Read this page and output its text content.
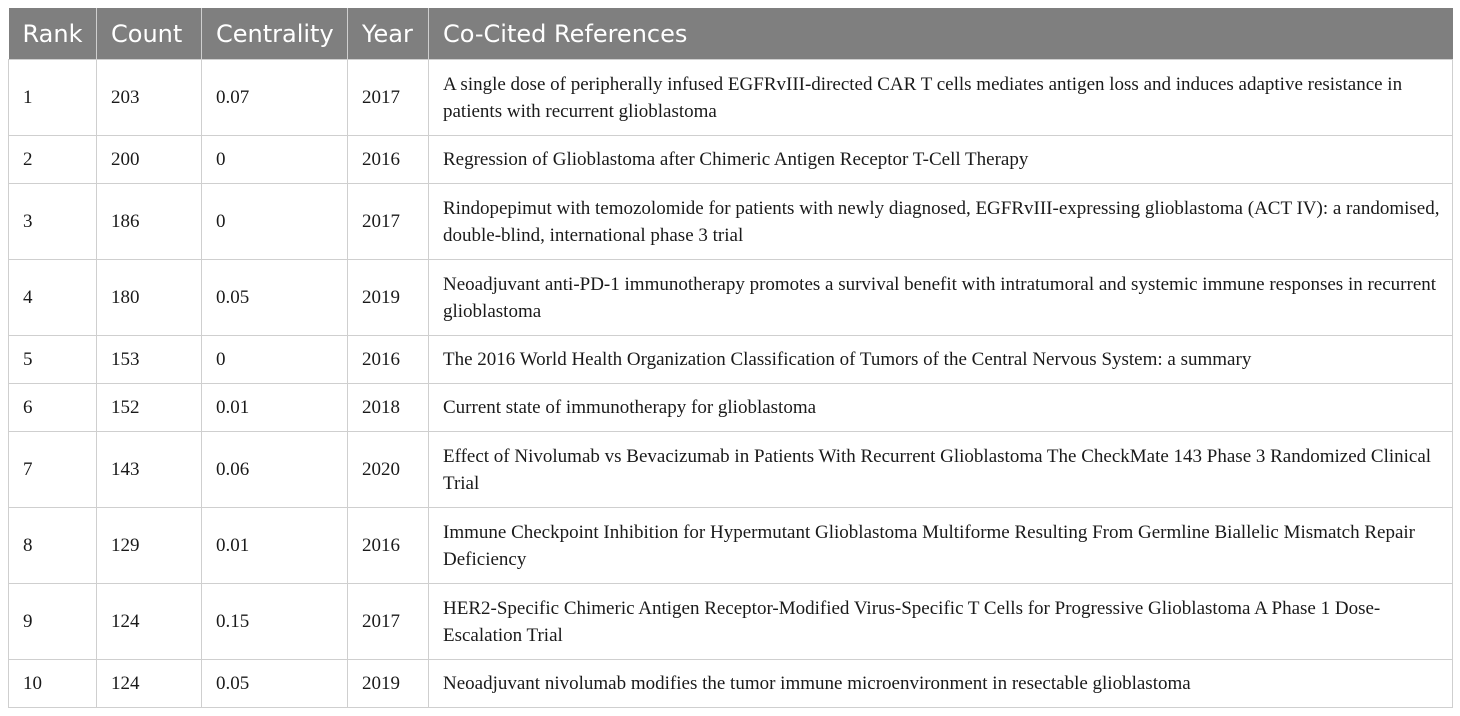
Rank	Count	Centrality	Year	Co-Cited References
1	203	0.07	2017	A single dose of peripherally infused EGFRvIII-directed CAR T cells mediates antigen loss and induces adaptive resistance in patients with recurrent glioblastoma
2	200	0	2016	Regression of Glioblastoma after Chimeric Antigen Receptor T-Cell Therapy
3	186	0	2017	Rindopepimut with temozolomide for patients with newly diagnosed, EGFRvIII-expressing glioblastoma (ACT IV): a randomised, double-blind, international phase 3 trial
4	180	0.05	2019	Neoadjuvant anti-PD-1 immunotherapy promotes a survival benefit with intratumoral and systemic immune responses in recurrent glioblastoma
5	153	0	2016	The 2016 World Health Organization Classification of Tumors of the Central Nervous System: a summary
6	152	0.01	2018	Current state of immunotherapy for glioblastoma
7	143	0.06	2020	Effect of Nivolumab vs Bevacizumab in Patients With Recurrent Glioblastoma The CheckMate 143 Phase 3 Randomized Clinical Trial
8	129	0.01	2016	Immune Checkpoint Inhibition for Hypermutant Glioblastoma Multiforme Resulting From Germline Biallelic Mismatch Repair Deficiency
9	124	0.15	2017	HER2-Specific Chimeric Antigen Receptor-Modified Virus-Specific T Cells for Progressive Glioblastoma A Phase 1 Dose-Escalation Trial
10	124	0.05	2019	Neoadjuvant nivolumab modifies the tumor immune microenvironment in resectable glioblastoma
